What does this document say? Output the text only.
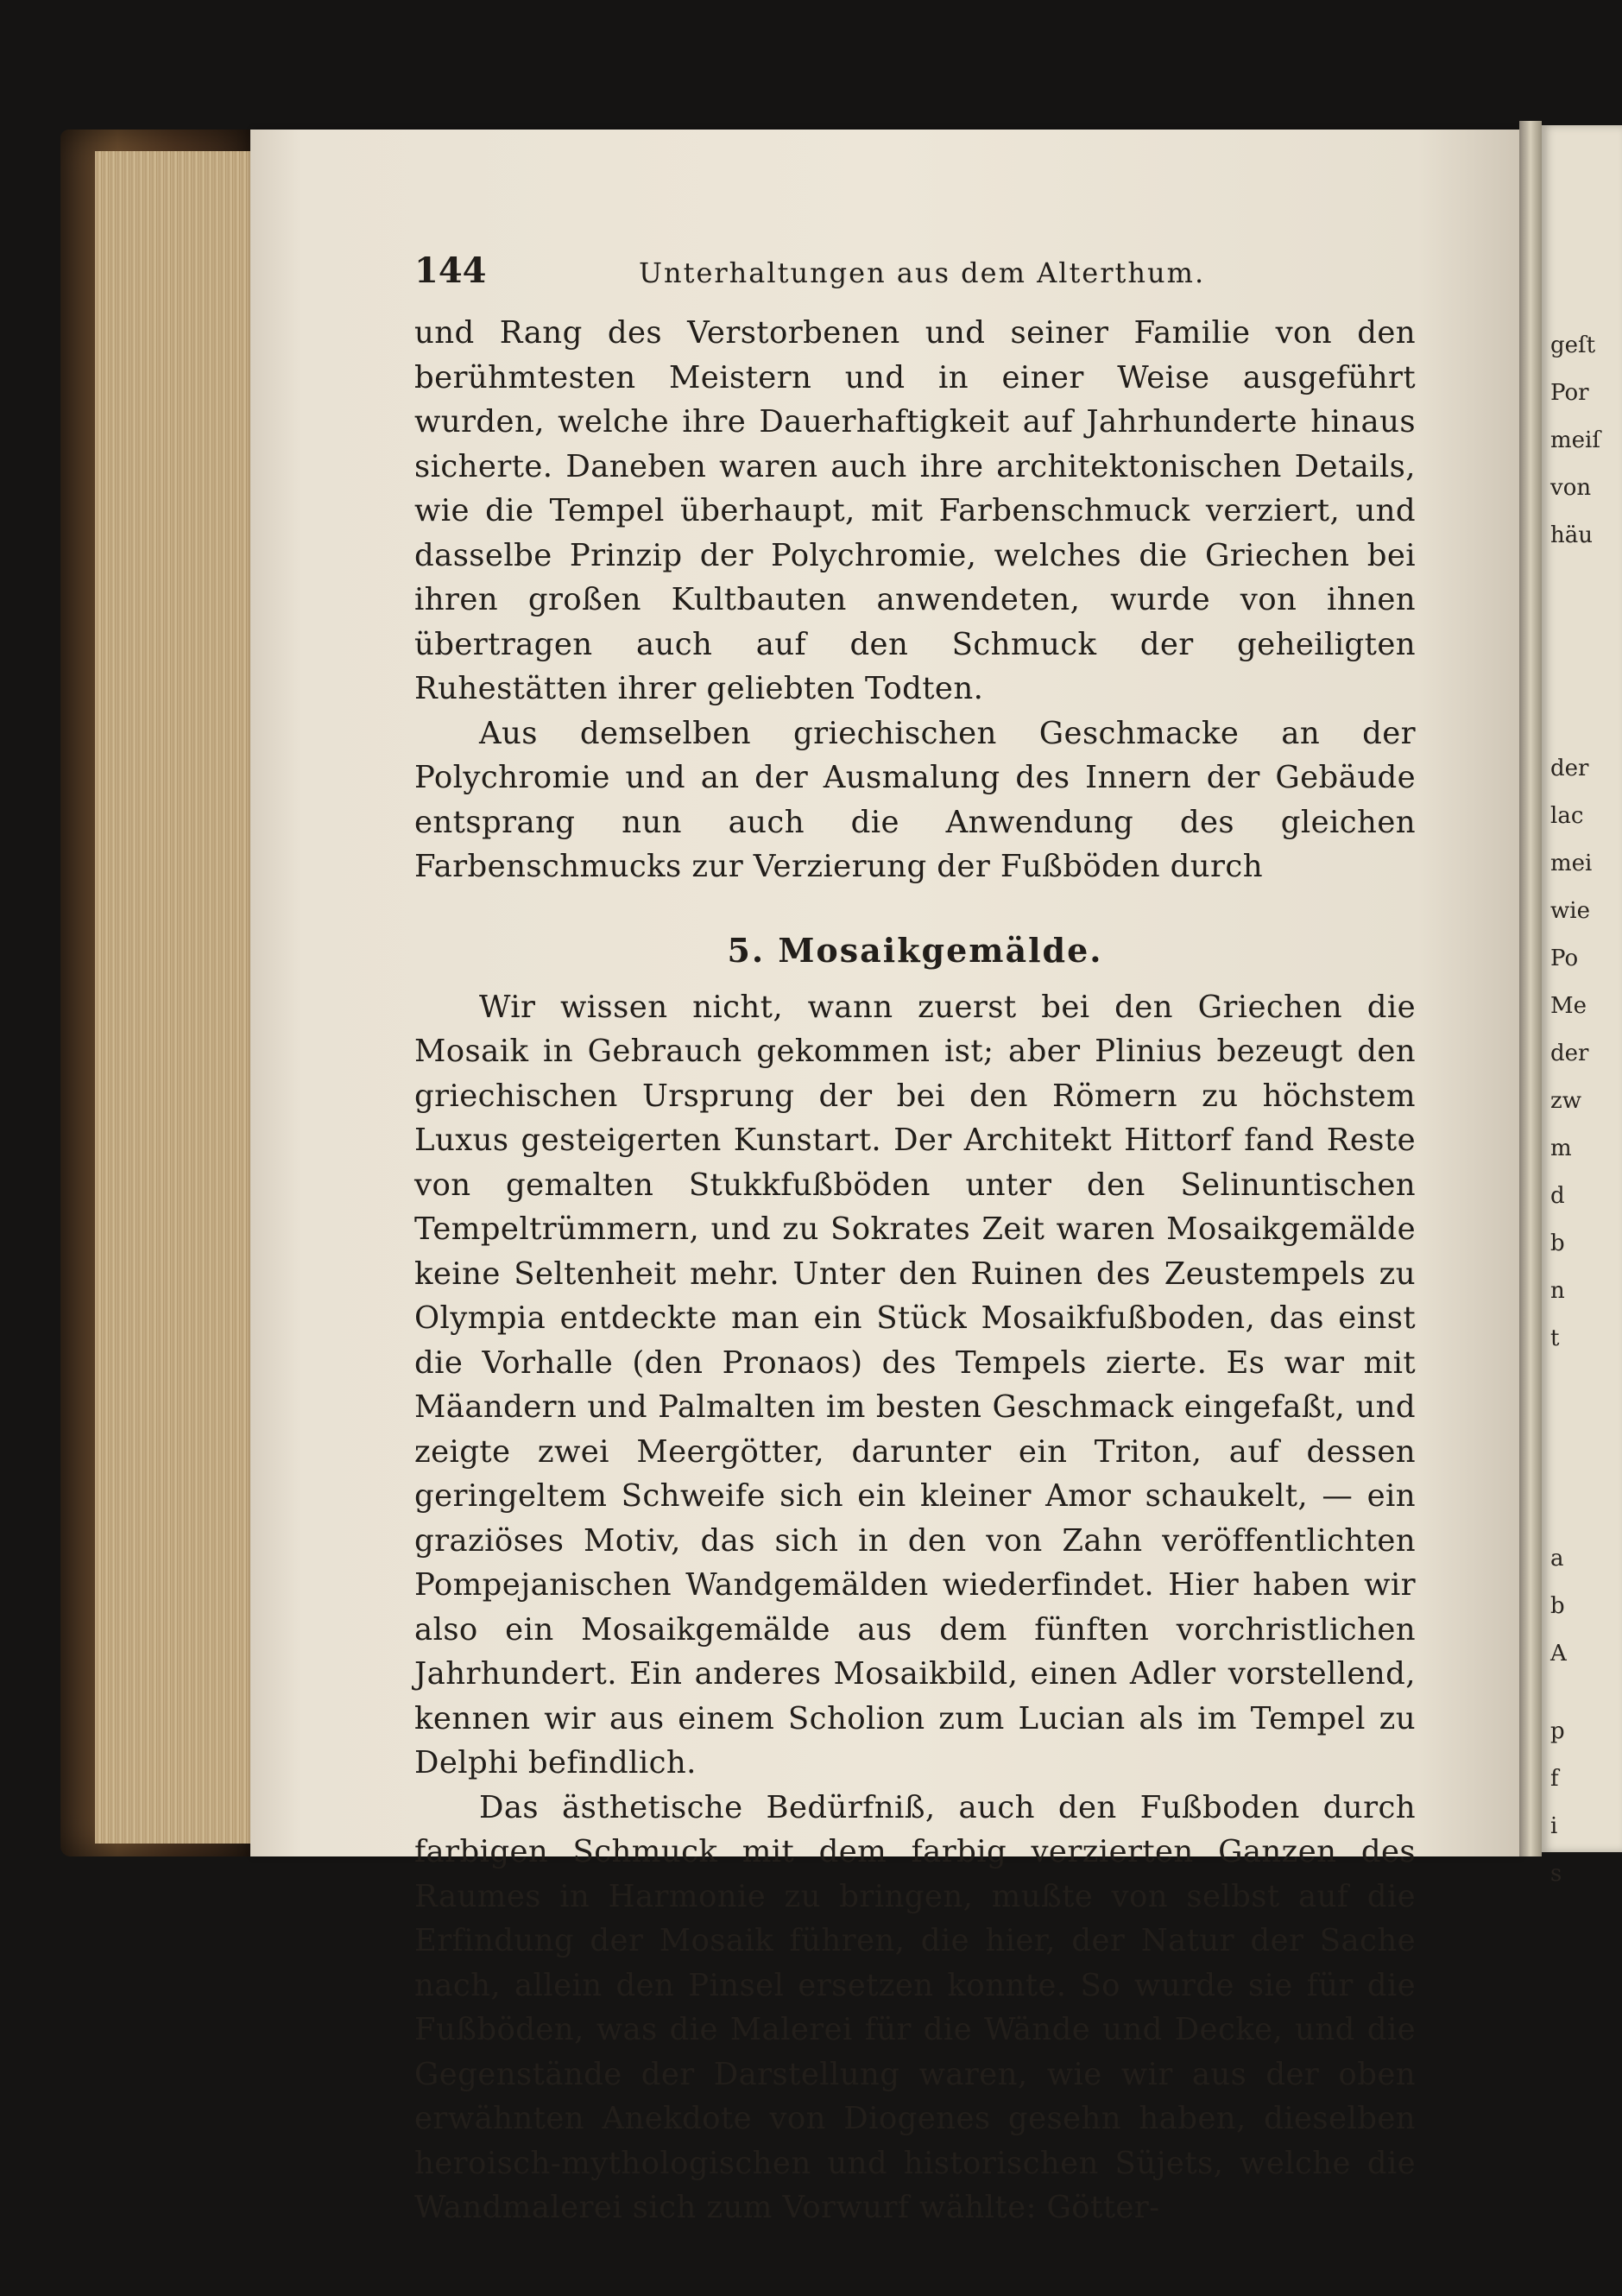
144	Unterhaltungen aus dem Alterthum.

und Rang des Verstorbenen und seiner Familie von den berühmtesten Meistern und in einer Weise ausgeführt wurden, welche ihre Dauerhaftigkeit auf Jahrhunderte hinaus sicherte. Daneben waren auch ihre architektonischen Details, wie die Tempel überhaupt, mit Farbenschmuck verziert, und dasselbe Prinzip der Polychromie, welches die Griechen bei ihren großen Kultbauten anwendeten, wurde von ihnen übertragen auch auf den Schmuck der geheiligten Ruhestätten ihrer geliebten Todten.

Aus demselben griechischen Geschmacke an der Polychromie und an der Ausmalung des Innern der Gebäude entsprang nun auch die Anwendung des gleichen Farbenschmucks zur Verzierung der Fußböden durch

5. Mosaikgemälde.

Wir wissen nicht, wann zuerst bei den Griechen die Mosaik in Gebrauch gekommen ist; aber Plinius bezeugt den griechischen Ursprung der bei den Römern zu höchstem Luxus gesteigerten Kunstart. Der Architekt Hittorf fand Reste von gemalten Stukkfußböden unter den Selinuntischen Tempeltrümmern, und zu Sokrates Zeit waren Mosaikgemälde keine Seltenheit mehr. Unter den Ruinen des Zeustempels zu Olympia entdeckte man ein Stück Mosaikfußboden, das einst die Vorhalle (den Pronaos) des Tempels zierte. Es war mit Mäandern und Palmalten im besten Geschmack eingefaßt, und zeigte zwei Meergötter, darunter ein Triton, auf dessen geringeltem Schweife sich ein kleiner Amor schaukelt, — ein graziöses Motiv, das sich in den von Zahn veröffentlichten Pompejanischen Wandgemälden wiederfindet. Hier haben wir also ein Mosaikgemälde aus dem fünften vorchristlichen Jahrhundert. Ein anderes Mosaikbild, einen Adler vorstellend, kennen wir aus einem Scholion zum Lucian als im Tempel zu Delphi befindlich.

Das ästhetische Bedürfniß, auch den Fußboden durch farbigen Schmuck mit dem farbig verzierten Ganzen des Raumes in Harmonie zu bringen, mußte von selbst auf die Erfindung der Mosaik führen, die hier, der Natur der Sache nach, allein den Pinsel ersetzen konnte. So wurde sie für die Fußböden, was die Malerei für die Wände und Decke, und die Gegenstände der Darstellung waren, wie wir aus der oben erwähnten Anekdote von Diogenes gesehn haben, dieselben heroisch-mythologischen und historischen Süjets, welche die Wandmalerei sich zum Vorwurf wählte: Götter-

geſt
Por
meiſ
von
häu
der
lac
mei
wie
Po
Me
der
zw
m
d
b
n
t
a
b
A
p
f
i
s
